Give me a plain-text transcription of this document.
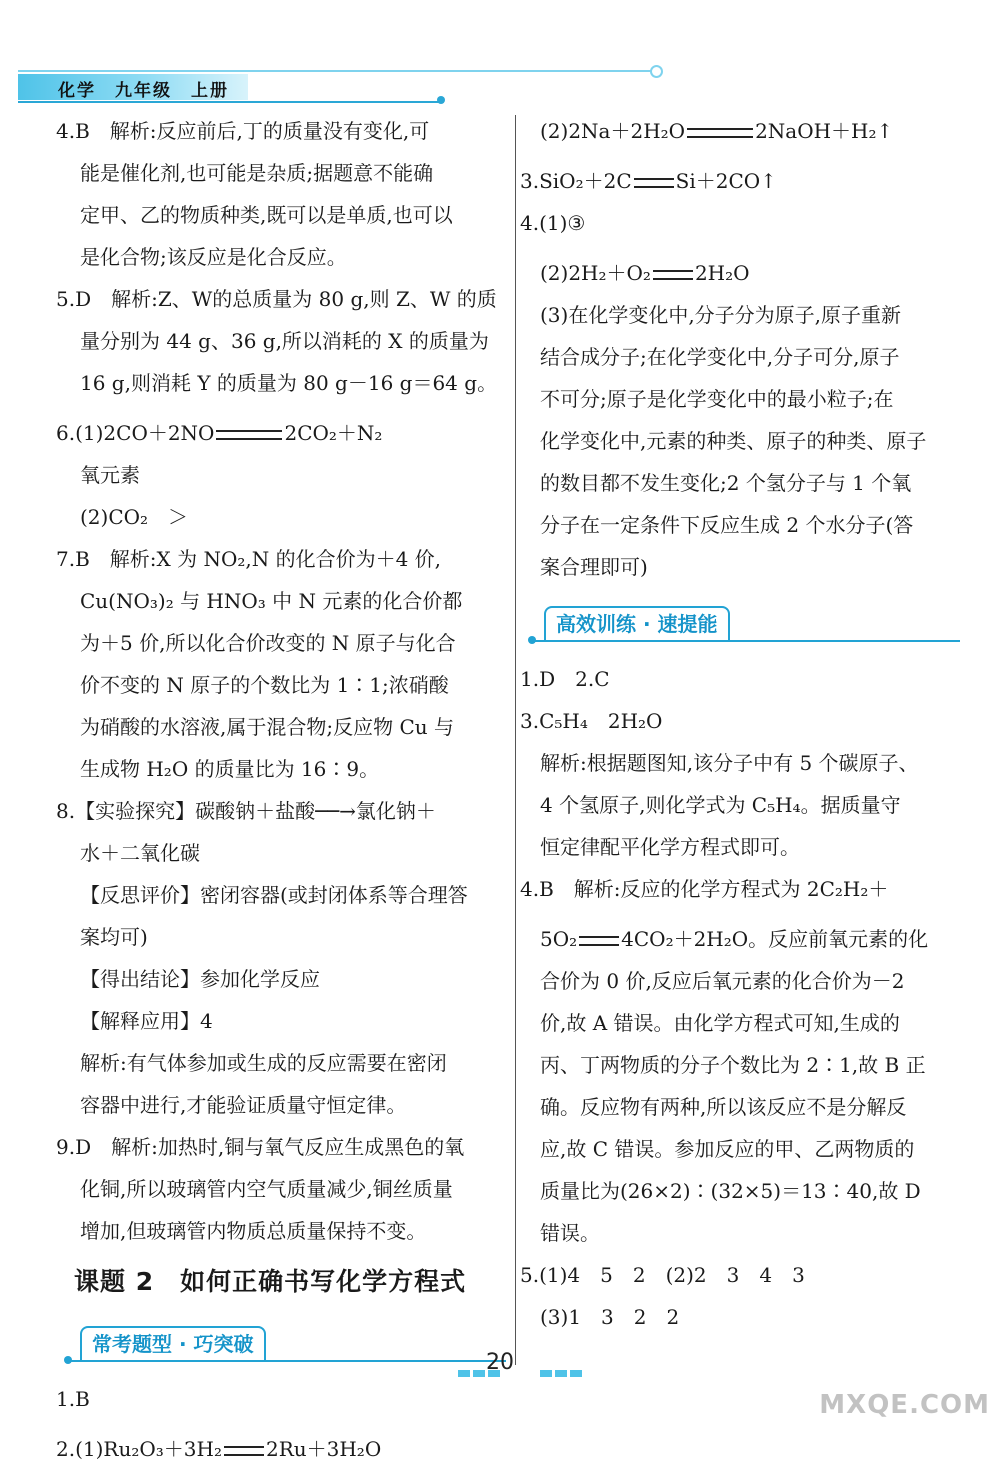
化学　九年级　上册
4.B　解析:反应前后,丁的质量没有变化,可
能是催化剂,也可能是杂质;据题意不能确
定甲、乙的物质种类,既可以是单质,也可以
是化合物;该反应是化合反应。
5.D　解析:Z、W的总质量为 80 g,则 Z、W 的质
量分别为 44 g、36 g,所以消耗的 X 的质量为
16 g,则消耗 Y 的质量为 80 g－16 g＝64 g。
6.(1)2CO＋2NO	2CO₂＋N₂
氧元素
(2)CO₂　＞
7.B　解析:X 为 NO₂,N 的化合价为＋4 价,
Cu(NO₃)₂ 与 HNO₃ 中 N 元素的化合价都
为＋5 价,所以化合价改变的 N 原子与化合
价不变的 N 原子的个数比为 1∶1;浓硝酸
为硝酸的水溶液,属于混合物;反应物 Cu 与
生成物 H₂O 的质量比为 16∶9。
8.【实验探究】碳酸钠＋盐酸──→氯化钠＋
水＋二氧化碳
【反思评价】密闭容器(或封闭体系等合理答
案均可)
【得出结论】参加化学反应
【解释应用】4
解析:有气体参加或生成的反应需要在密闭
容器中进行,才能验证质量守恒定律。
9.D　解析:加热时,铜与氧气反应生成黑色的氧
化铜,所以玻璃管内空气质量减少,铜丝质量
增加,但玻璃管内物质总质量保持不变。
课题 2　如何正确书写化学方程式
常考题型 · 巧突破
1.B
2.(1)Ru₂O₃＋3H₂ 2Ru＋3H₂O
(2)2Na＋2H₂O	2NaOH＋H₂↑
3.SiO₂＋2C Si＋2CO↑
4.(1)③
(2)2H₂＋O₂ 2H₂O
(3)在化学变化中,分子分为原子,原子重新
结合成分子;在化学变化中,分子可分,原子
不可分;原子是化学变化中的最小粒子;在
化学变化中,元素的种类、原子的种类、原子
的数目都不发生变化;2 个氢分子与 1 个氧
分子在一定条件下反应生成 2 个水分子(答
案合理即可)
高效训练 · 速提能
1.D　2.C
3.C₅H₄　2H₂O
解析:根据题图知,该分子中有 5 个碳原子、
4 个氢原子,则化学式为 C₅H₄。据质量守
恒定律配平化学方程式即可。
4.B　解析:反应的化学方程式为 2C₂H₂＋
5O₂ 4CO₂＋2H₂O。反应前氧元素的化
合价为 0 价,反应后氧元素的化合价为－2
价,故 A 错误。由化学方程式可知,生成的
丙、丁两物质的分子个数比为 2∶1,故 B 正
确。反应物有两种,所以该反应不是分解反
应,故 C 错误。参加反应的甲、乙两物质的
质量比为(26×2)∶(32×5)＝13∶40,故 D
错误。
5.(1)4　5　2　(2)2　3　4　3
(3)1　3　2　2
20
MXQE.COM
